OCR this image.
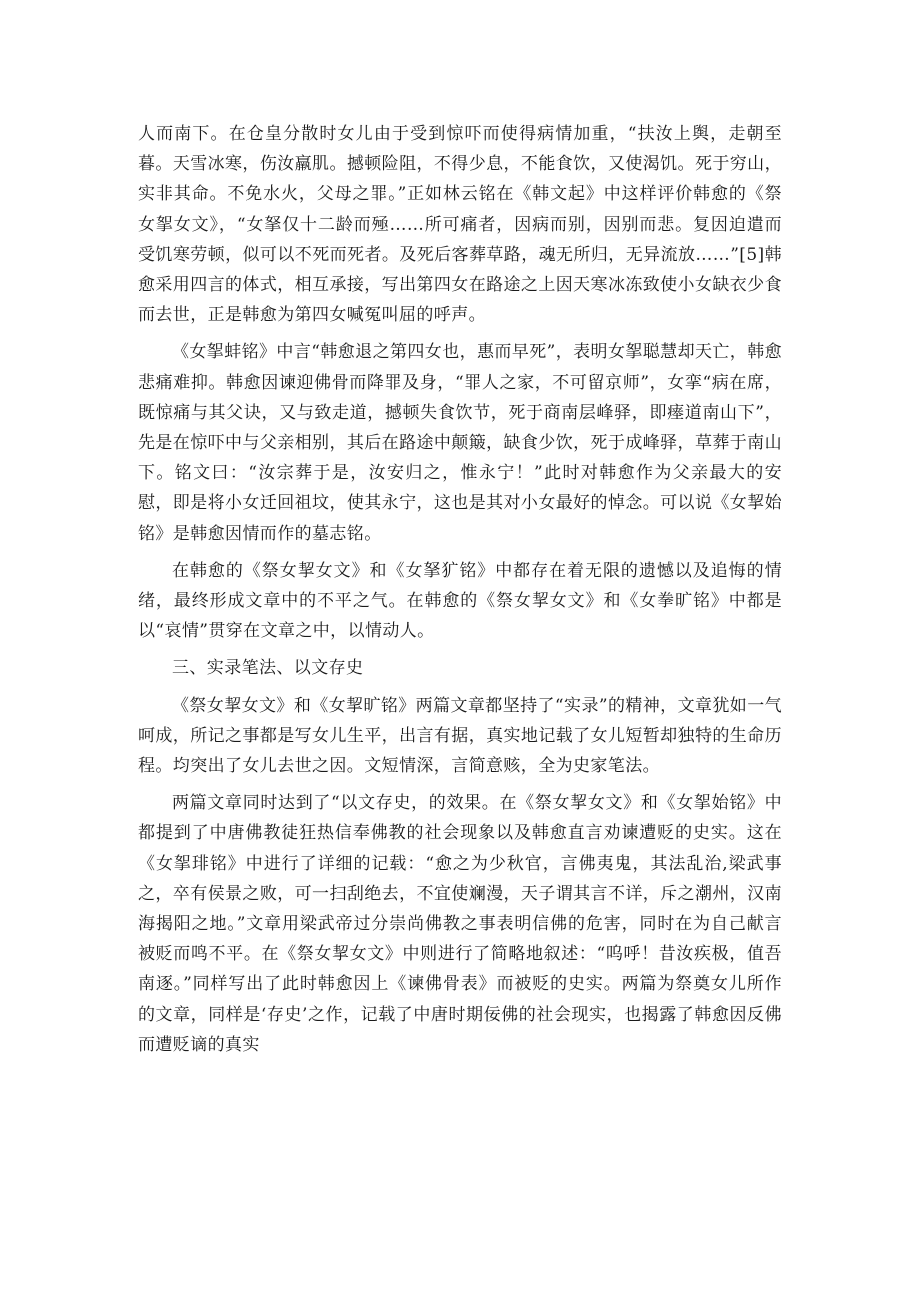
人而南下。在仓皇分散时女儿由于受到惊吓而使得病情加重，“扶汝上舆，走朝至暮。天雪冰寒，伤汝羸肌。撼顿险阻，不得少息，不能食饮，又使渴饥。死于穷山，实非其命。不免水火，父母之罪。”正如林云铭在《韩文起》中这样评价韩愈的《祭女挐女文》，“女拏仅十二龄而殛……所可痛者，因病而别，因别而悲。复因迫遣而受饥寒劳顿，似可以不死而死者。及死后客葬草路，魂无所归，无异流放……”[5]韩愈采用四言的体式，相互承接，写出第四女在路途之上因天寒冰冻致使小女缺衣少食而去世，正是韩愈为第四女喊冤叫屈的呼声。

《女挐蚌铭》中言“韩愈退之第四女也，惠而早死”，表明女挐聪慧却天亡，韩愈悲痛难抑。韩愈因谏迎佛骨而降罪及身，“罪人之家，不可留京师”，女挛“病在席，既惊痛与其父诀，又与致走道，撼顿失食饮节，死于商南层峰驿，即瘗道南山下”，先是在惊吓中与父亲相别，其后在路途中颠簸，缺食少饮，死于成峰驿，草葬于南山下。铭文曰：“汝宗葬于是，汝安归之，惟永宁！”此时对韩愈作为父亲最大的安慰，即是将小女迁回祖坟，使其永宁，这也是其对小女最好的悼念。可以说《女挈始铭》是韩愈因情而作的墓志铭。

在韩愈的《祭女挈女文》和《女拏犷铭》中都存在着无限的遗憾以及追悔的情绪，最终形成文章中的不平之气。在韩愈的《祭女挈女文》和《女拳旷铭》中都是以“哀情”贯穿在文章之中，以情动人。

三、实录笔法、以文存史

《祭女挈女文》和《女挈旷铭》两篇文章都坚持了“实录”的精神，文章犹如一气呵成，所记之事都是写女儿生平，出言有据，真实地记载了女儿短暂却独特的生命历程。均突出了女儿去世之因。文短情深，言简意赅，全为史家笔法。

两篇文章同时达到了“以文存史，的效果。在《祭女挈女文》和《女挐始铭》中都提到了中唐佛教徒狂热信奉佛教的社会现象以及韩愈直言劝谏遭贬的史实。这在《女挐琲铭》中进行了详细的记载：“愈之为少秋官，言佛夷鬼，其法乱治,梁武事之，卒有侯景之败，可一扫刮绝去，不宜使斓漫，天子谓其言不详，斥之潮州，汉南海揭阳之地。”文章用梁武帝过分崇尚佛教之事表明信佛的危害，同时在为自己献言被贬而鸣不平。在《祭女挈女文》中则进行了简略地叙述：“呜呼！昔汝疾极，值吾南逐。”同样写出了此时韩愈因上《谏佛骨表》而被贬的史实。两篇为祭奠女儿所作的文章，同样是‘存史’之作，记载了中唐时期佞佛的社会现实，也揭露了韩愈因反佛而遭贬谪的真实
